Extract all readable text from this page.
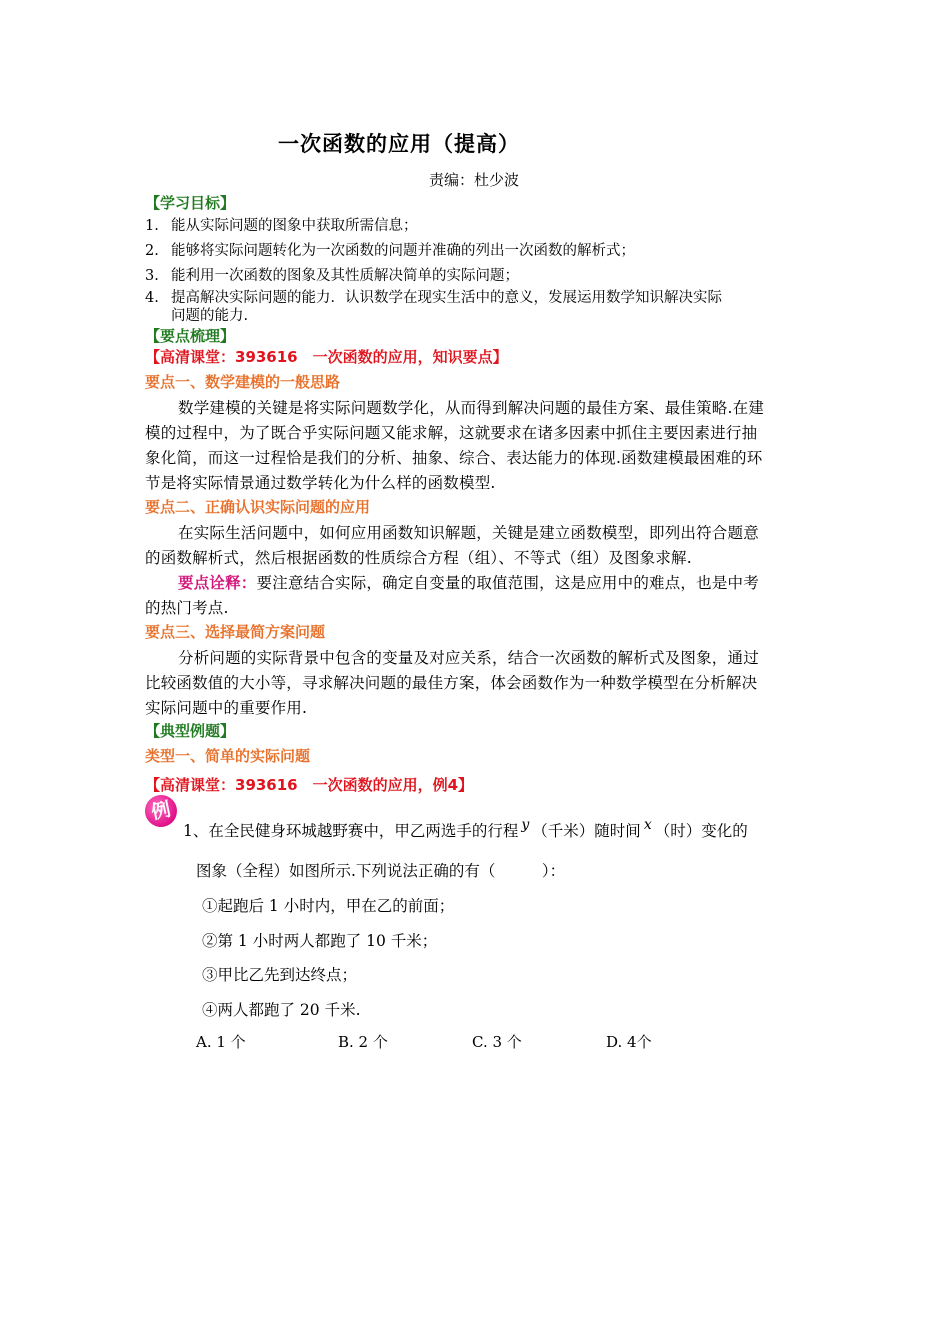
一次函数的应用（提高）
责编：杜少波
【学习目标】
1. 能从实际问题的图象中获取所需信息；
2. 能够将实际问题转化为一次函数的问题并准确的列出一次函数的解析式；
3. 能利用一次函数的图象及其性质解决简单的实际问题；
4. 提高解决实际问题的能力．认识数学在现实生活中的意义，发展运用数学知识解决实际
问题的能力.
【要点梳理】
【高清课堂：393616　一次函数的应用，知识要点】
要点一、数学建模的一般思路
数学建模的关键是将实际问题数学化，从而得到解决问题的最佳方案、最佳策略.在建
模的过程中，为了既合乎实际问题又能求解，这就要求在诸多因素中抓住主要因素进行抽
象化简，而这一过程恰是我们的分析、抽象、综合、表达能力的体现.函数建模最困难的环
节是将实际情景通过数学转化为什么样的函数模型.
要点二、正确认识实际问题的应用
在实际生活问题中，如何应用函数知识解题，关键是建立函数模型，即列出符合题意
的函数解析式，然后根据函数的性质综合方程（组）、不等式（组）及图象求解.
要点诠释：要注意结合实际，确定自变量的取值范围，这是应用中的难点，也是中考
的热门考点.
要点三、选择最简方案问题
分析问题的实际背景中包含的变量及对应关系，结合一次函数的解析式及图象，通过
比较函数值的大小等，寻求解决问题的最佳方案，体会函数作为一种数学模型在分析解决
实际问题中的重要作用.
【典型例题】
类型一、简单的实际问题
【高清课堂：393616　一次函数的应用，例4】
例
1、在全民健身环城越野赛中，甲乙两选手的行程 y （千米）随时间 x （时）变化的
图象（全程）如图所示.下列说法正确的有（　　　）：
①起跑后 1 小时内，甲在乙的前面；
②第 1 小时两人都跑了 10 千米；
③甲比乙先到达终点；
④两人都跑了 20 千米.
A. 1 个	B. 2 个	C. 3 个	D. 4个
